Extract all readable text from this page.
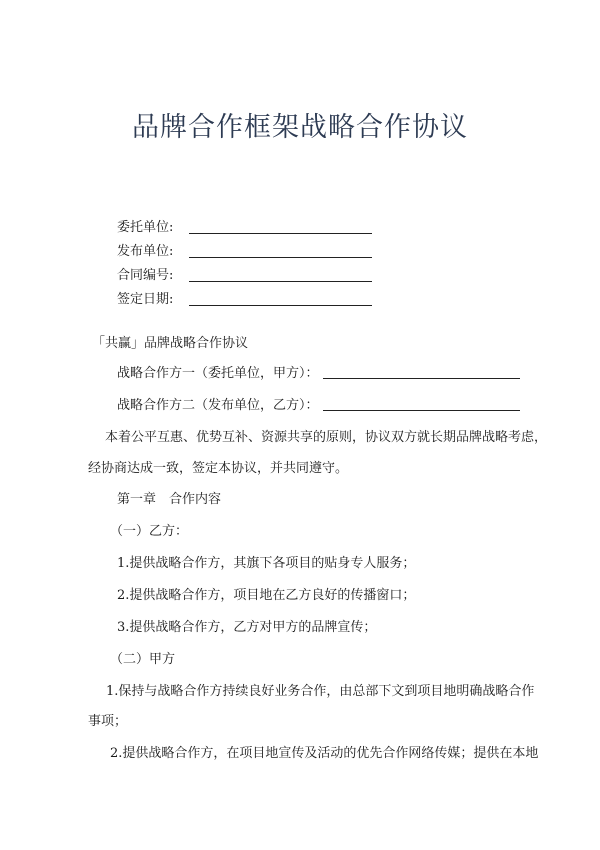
品牌合作框架战略合作协议
委托单位:
发布单位:
合同编号:
签定日期:
「共赢」品牌战略合作协议
战略合作方一（委托单位，甲方）：
战略合作方二（发布单位，乙方）：
本着公平互惠、优势互补、资源共享的原则，协议双方就长期品牌战略考虑，
经协商达成一致，签定本协议，并共同遵守。
第一章　合作内容
（一）乙方：
1.提供战略合作方，其旗下各项目的贴身专人服务；
2.提供战略合作方，项目地在乙方良好的传播窗口；
3.提供战略合作方，乙方对甲方的品牌宣传；
（二）甲方
1.保持与战略合作方持续良好业务合作，由总部下文到项目地明确战略合作
事项；
2.提供战略合作方，在项目地宣传及活动的优先合作网络传媒；提供在本地
